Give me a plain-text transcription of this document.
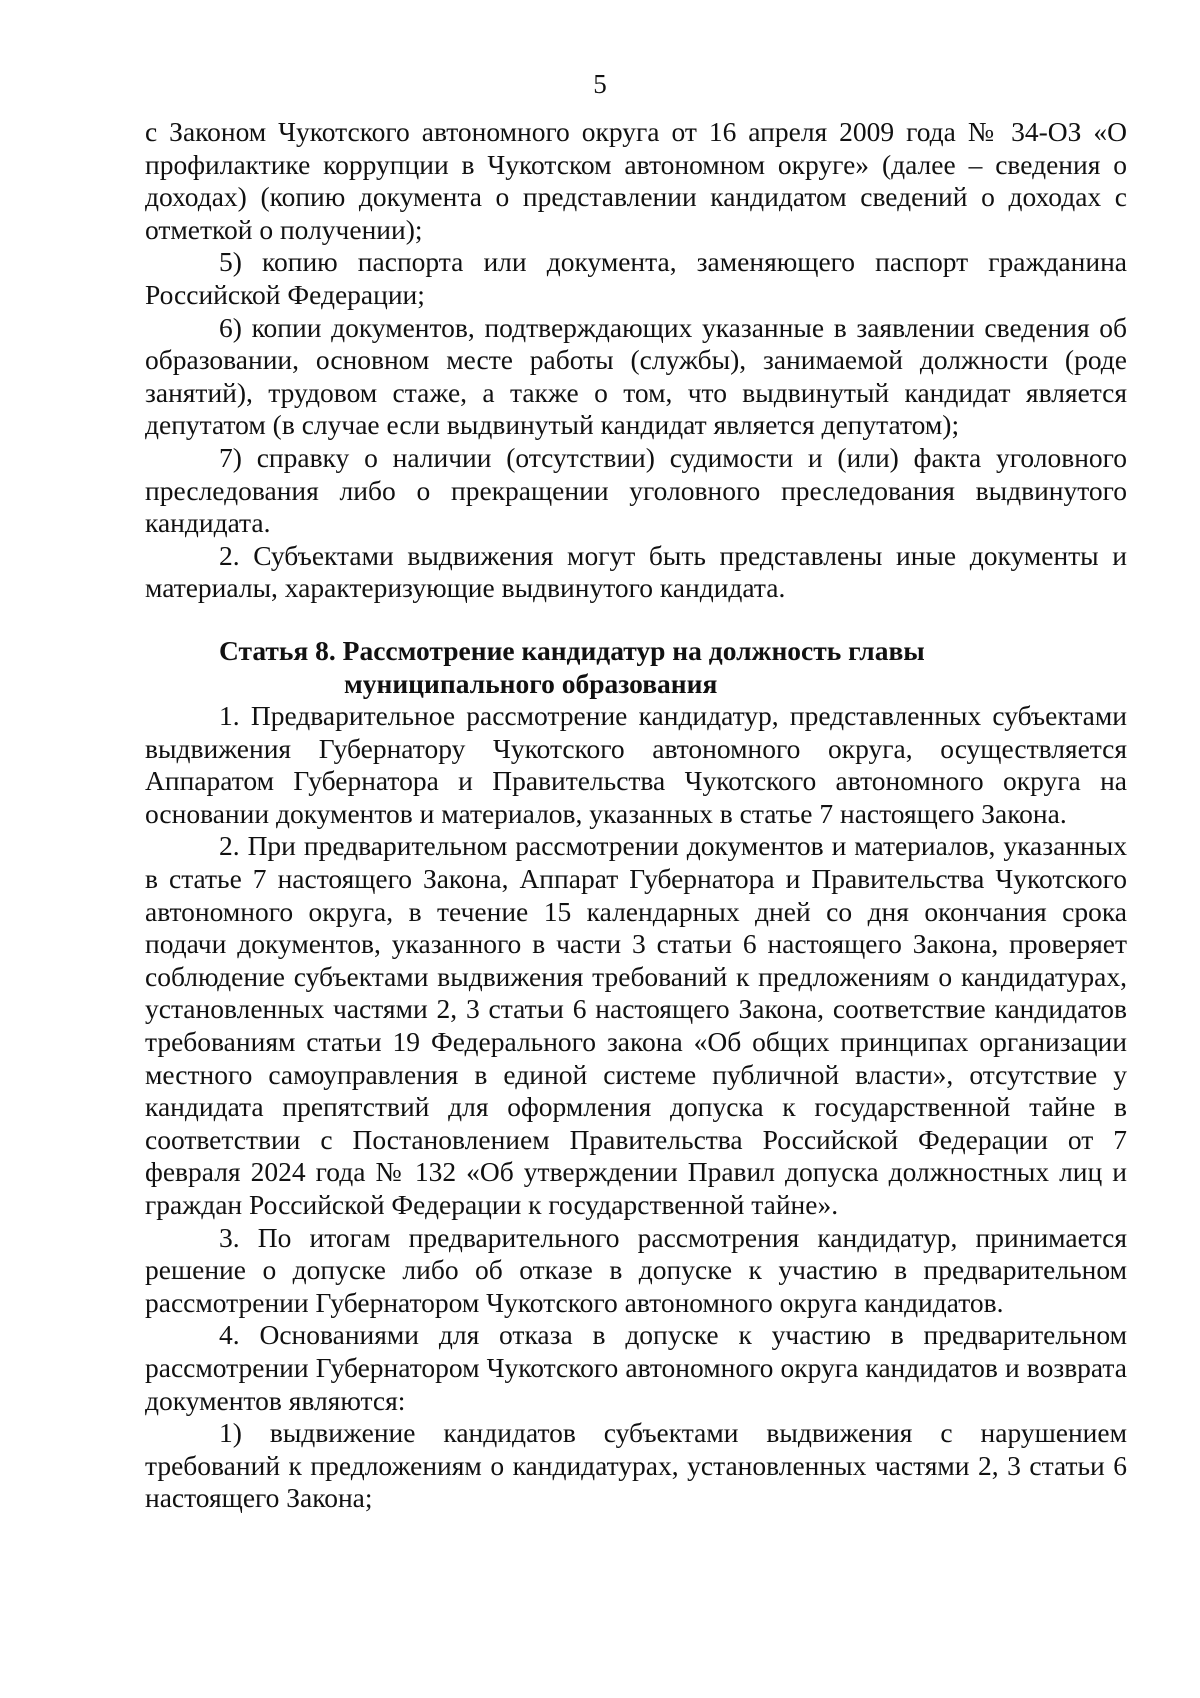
5

с Законом Чукотского автономного округа от 16 апреля 2009 года № 34-ОЗ «О профилактике коррупции в Чукотском автономном округе» (далее – сведения о доходах) (копию документа о представлении кандидатом сведений о доходах с отметкой о получении);

5) копию паспорта или документа, заменяющего паспорт гражданина Российской Федерации;

6) копии документов, подтверждающих указанные в заявлении сведения об образовании, основном месте работы (службы), занимаемой должности (роде занятий), трудовом стаже, а также о том, что выдвинутый кандидат является депутатом (в случае если выдвинутый кандидат является депутатом);

7) справку о наличии (отсутствии) судимости и (или) факта уголовного преследования либо о прекращении уголовного преследования выдвинутого кандидата.

2. Субъектами выдвижения могут быть представлены иные документы и материалы, характеризующие выдвинутого кандидата.

Статья 8. Рассмотрение кандидатур на должность главы
муниципального образования

1. Предварительное рассмотрение кандидатур, представленных субъектами выдвижения Губернатору Чукотского автономного округа, осуществляется Аппаратом Губернатора и Правительства Чукотского автономного округа на основании документов и материалов, указанных в статье 7 настоящего Закона.

2. При предварительном рассмотрении документов и материалов, указанных в статье 7 настоящего Закона, Аппарат Губернатора и Правительства Чукотского автономного округа, в течение 15 календарных дней со дня окончания срока подачи документов, указанного в части 3 статьи 6 настоящего Закона, проверяет соблюдение субъектами выдвижения требований к предложениям о кандидатурах, установленных частями 2, 3 статьи 6 настоящего Закона, соответствие кандидатов требованиям статьи 19 Федерального закона «Об общих принципах организации местного самоуправления в единой системе публичной власти», отсутствие у кандидата препятствий для оформления допуска к государственной тайне в соответствии с Постановлением Правительства Российской Федерации от 7 февраля 2024 года № 132 «Об утверждении Правил допуска должностных лиц и граждан Российской Федерации к государственной тайне».

3. По итогам предварительного рассмотрения кандидатур, принимается решение о допуске либо об отказе в допуске к участию в предварительном рассмотрении Губернатором Чукотского автономного округа кандидатов.

4. Основаниями для отказа в допуске к участию в предварительном рассмотрении Губернатором Чукотского автономного округа кандидатов и возврата документов являются:

1) выдвижение кандидатов субъектами выдвижения с нарушением требований к предложениям о кандидатурах, установленных частями 2, 3 статьи 6 настоящего Закона;
